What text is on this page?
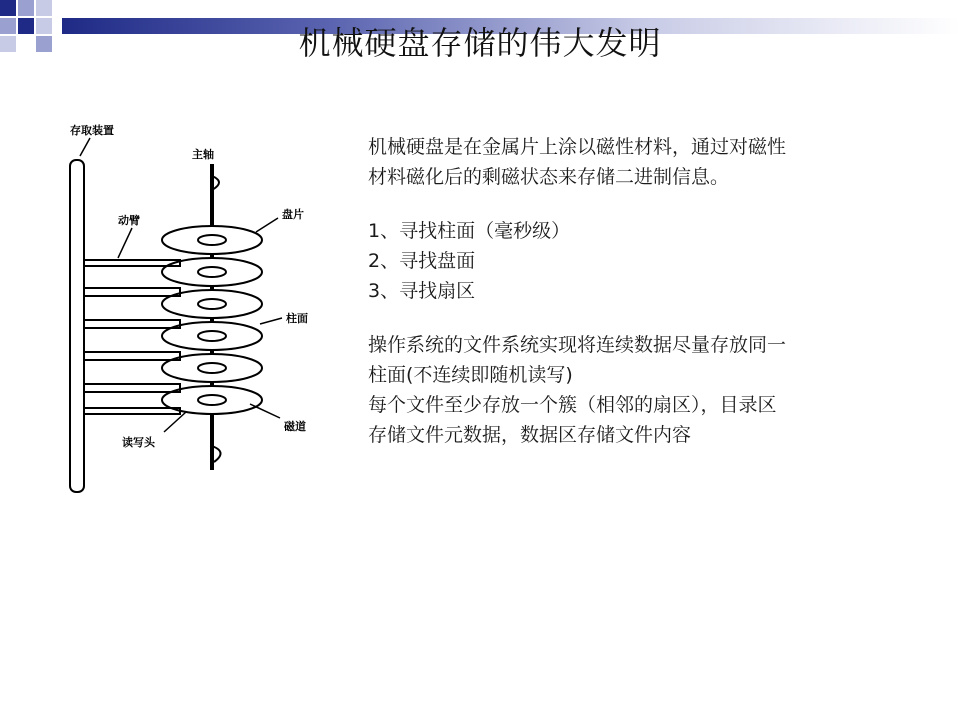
机械硬盘存储的伟大发明
存取装置
主轴
动臂	盘片
柱面
磁道
读写头

机械硬盘是在金属片上涂以磁性材料，通过对磁性

材料磁化后的剩磁状态来存储二进制信息。

1、寻找柱面（毫秒级）

2、寻找盘面

3、寻找扇区

操作系统的文件系统实现将连续数据尽量存放同一

柱面(不连续即随机读写)

每个文件至少存放一个簇（相邻的扇区），目录区

存储文件元数据，数据区存储文件内容
